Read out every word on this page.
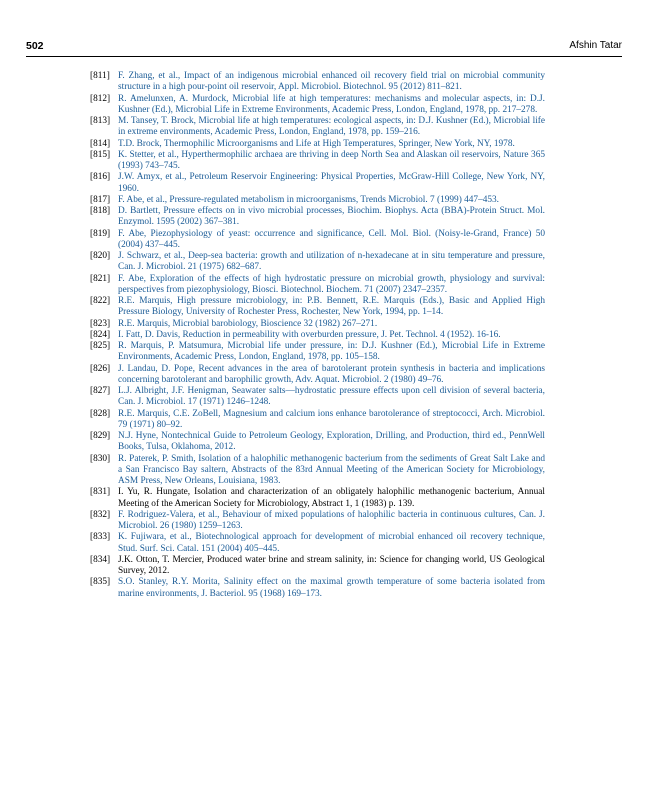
502	Afshin Tatar
[811] F. Zhang, et al., Impact of an indigenous microbial enhanced oil recovery field trial on microbial community structure in a high pour-point oil reservoir, Appl. Microbiol. Biotechnol. 95 (2012) 811–821.
[812] R. Amelunxen, A. Murdock, Microbial life at high temperatures: mechanisms and molecular aspects, in: D.J. Kushner (Ed.), Microbial Life in Extreme Environments, Academic Press, London, England, 1978, pp. 217–278.
[813] M. Tansey, T. Brock, Microbial life at high temperatures: ecological aspects, in: D.J. Kushner (Ed.), Microbial life in extreme environments, Academic Press, London, England, 1978, pp. 159–216.
[814] T.D. Brock, Thermophilic Microorganisms and Life at High Temperatures, Springer, New York, NY, 1978.
[815] K. Stetter, et al., Hyperthermophilic archaea are thriving in deep North Sea and Alaskan oil reservoirs, Nature 365 (1993) 743–745.
[816] J.W. Amyx, et al., Petroleum Reservoir Engineering: Physical Properties, McGraw-Hill College, New York, NY, 1960.
[817] F. Abe, et al., Pressure-regulated metabolism in microorganisms, Trends Microbiol. 7 (1999) 447–453.
[818] D. Bartlett, Pressure effects on in vivo microbial processes, Biochim. Biophys. Acta (BBA)-Protein Struct. Mol. Enzymol. 1595 (2002) 367–381.
[819] F. Abe, Piezophysiology of yeast: occurrence and significance, Cell. Mol. Biol. (Noisy-le-Grand, France) 50 (2004) 437–445.
[820] J. Schwarz, et al., Deep-sea bacteria: growth and utilization of n-hexadecane at in situ temperature and pressure, Can. J. Microbiol. 21 (1975) 682–687.
[821] F. Abe, Exploration of the effects of high hydrostatic pressure on microbial growth, physiology and survival: perspectives from piezophysiology, Biosci. Biotechnol. Biochem. 71 (2007) 2347–2357.
[822] R.E. Marquis, High pressure microbiology, in: P.B. Bennett, R.E. Marquis (Eds.), Basic and Applied High Pressure Biology, University of Rochester Press, Rochester, New York, 1994, pp. 1–14.
[823] R.E. Marquis, Microbial barobiology, Bioscience 32 (1982) 267–271.
[824] I. Fatt, D. Davis, Reduction in permeability with overburden pressure, J. Pet. Technol. 4 (1952). 16-16.
[825] R. Marquis, P. Matsumura, Microbial life under pressure, in: D.J. Kushner (Ed.), Microbial Life in Extreme Environments, Academic Press, London, England, 1978, pp. 105–158.
[826] J. Landau, D. Pope, Recent advances in the area of barotolerant protein synthesis in bacteria and implications concerning barotolerant and barophilic growth, Adv. Aquat. Microbiol. 2 (1980) 49–76.
[827] L.J. Albright, J.F. Henigman, Seawater salts—hydrostatic pressure effects upon cell division of several bacteria, Can. J. Microbiol. 17 (1971) 1246–1248.
[828] R.E. Marquis, C.E. ZoBell, Magnesium and calcium ions enhance barotolerance of streptococci, Arch. Microbiol. 79 (1971) 80–92.
[829] N.J. Hyne, Nontechnical Guide to Petroleum Geology, Exploration, Drilling, and Production, third ed., PennWell Books, Tulsa, Oklahoma, 2012.
[830] R. Paterek, P. Smith, Isolation of a halophilic methanogenic bacterium from the sediments of Great Salt Lake and a San Francisco Bay saltern, Abstracts of the 83rd Annual Meeting of the American Society for Microbiology, ASM Press, New Orleans, Louisiana, 1983.
[831] I. Yu, R. Hungate, Isolation and characterization of an obligately halophilic methanogenic bacterium, Annual Meeting of the American Society for Microbiology, Abstract 1, 1 (1983) p. 139.
[832] F. Rodriguez-Valera, et al., Behaviour of mixed populations of halophilic bacteria in continuous cultures, Can. J. Microbiol. 26 (1980) 1259–1263.
[833] K. Fujiwara, et al., Biotechnological approach for development of microbial enhanced oil recovery technique, Stud. Surf. Sci. Catal. 151 (2004) 405–445.
[834] J.K. Otton, T. Mercier, Produced water brine and stream salinity, in: Science for changing world, US Geological Survey, 2012.
[835] S.O. Stanley, R.Y. Morita, Salinity effect on the maximal growth temperature of some bacteria isolated from marine environments, J. Bacteriol. 95 (1968) 169–173.
